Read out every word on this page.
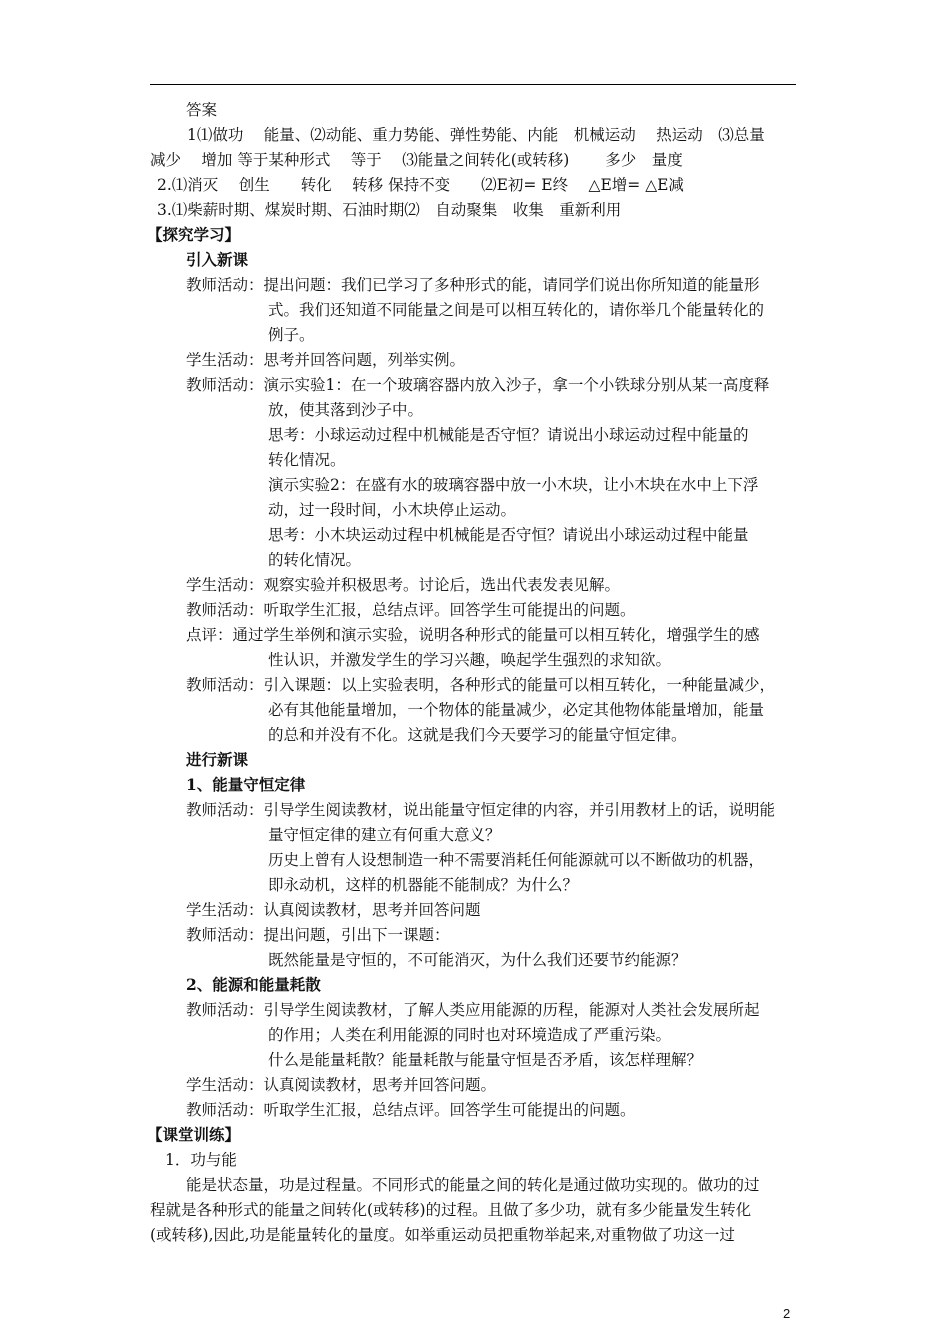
答案
1⑴做功　 能量、⑵动能、重力势能、弹性势能、内能　机械运动　 热运动　⑶总量
减少　 增加 等于某种形式　 等于　 ⑶能量之间转化(或转移)　　 多少　量度
2.⑴消灭　 创生　　转化　 转移 保持不变　　⑵E初= E终　 △E增= △E减
3.⑴柴薪时期、煤炭时期、石油时期⑵　自动聚集　收集　重新利用
【探究学习】
引入新课
教师活动：提出问题：我们已学习了多种形式的能，请同学们说出你所知道的能量形
式。我们还知道不同能量之间是可以相互转化的，请你举几个能量转化的
例子。
学生活动：思考并回答问题，列举实例。
教师活动：演示实验1：在一个玻璃容器内放入沙子，拿一个小铁球分别从某一高度释
放，使其落到沙子中。
思考：小球运动过程中机械能是否守恒？请说出小球运动过程中能量的
转化情况。
演示实验2：在盛有水的玻璃容器中放一小木块，让小木块在水中上下浮
动，过一段时间，小木块停止运动。
思考：小木块运动过程中机械能是否守恒？请说出小球运动过程中能量
的转化情况。
学生活动：观察实验并积极思考。讨论后，选出代表发表见解。
教师活动：听取学生汇报，总结点评。回答学生可能提出的问题。
点评：通过学生举例和演示实验，说明各种形式的能量可以相互转化，增强学生的感
性认识，并激发学生的学习兴趣，唤起学生强烈的求知欲。
教师活动：引入课题：以上实验表明，各种形式的能量可以相互转化，一种能量减少，
必有其他能量增加，一个物体的能量减少，必定其他物体能量增加，能量
的总和并没有不化。这就是我们今天要学习的能量守恒定律。
进行新课
1、能量守恒定律
教师活动：引导学生阅读教材，说出能量守恒定律的内容，并引用教材上的话，说明能
量守恒定律的建立有何重大意义？
历史上曾有人设想制造一种不需要消耗任何能源就可以不断做功的机器，
即永动机，这样的机器能不能制成？为什么？
学生活动：认真阅读教材，思考并回答问题
教师活动：提出问题，引出下一课题：
既然能量是守恒的，不可能消灭，为什么我们还要节约能源？
2、能源和能量耗散
教师活动：引导学生阅读教材，了解人类应用能源的历程，能源对人类社会发展所起
的作用；人类在利用能源的同时也对环境造成了严重污染。
什么是能量耗散？能量耗散与能量守恒是否矛盾，该怎样理解？
学生活动：认真阅读教材，思考并回答问题。
教师活动：听取学生汇报，总结点评。回答学生可能提出的问题。
【课堂训练】
1．功与能
能是状态量，功是过程量。不同形式的能量之间的转化是通过做功实现的。做功的过
程就是各种形式的能量之间转化(或转移)的过程。且做了多少功，就有多少能量发生转化
(或转移),因此,功是能量转化的量度。如举重运动员把重物举起来,对重物做了功这一过
2
